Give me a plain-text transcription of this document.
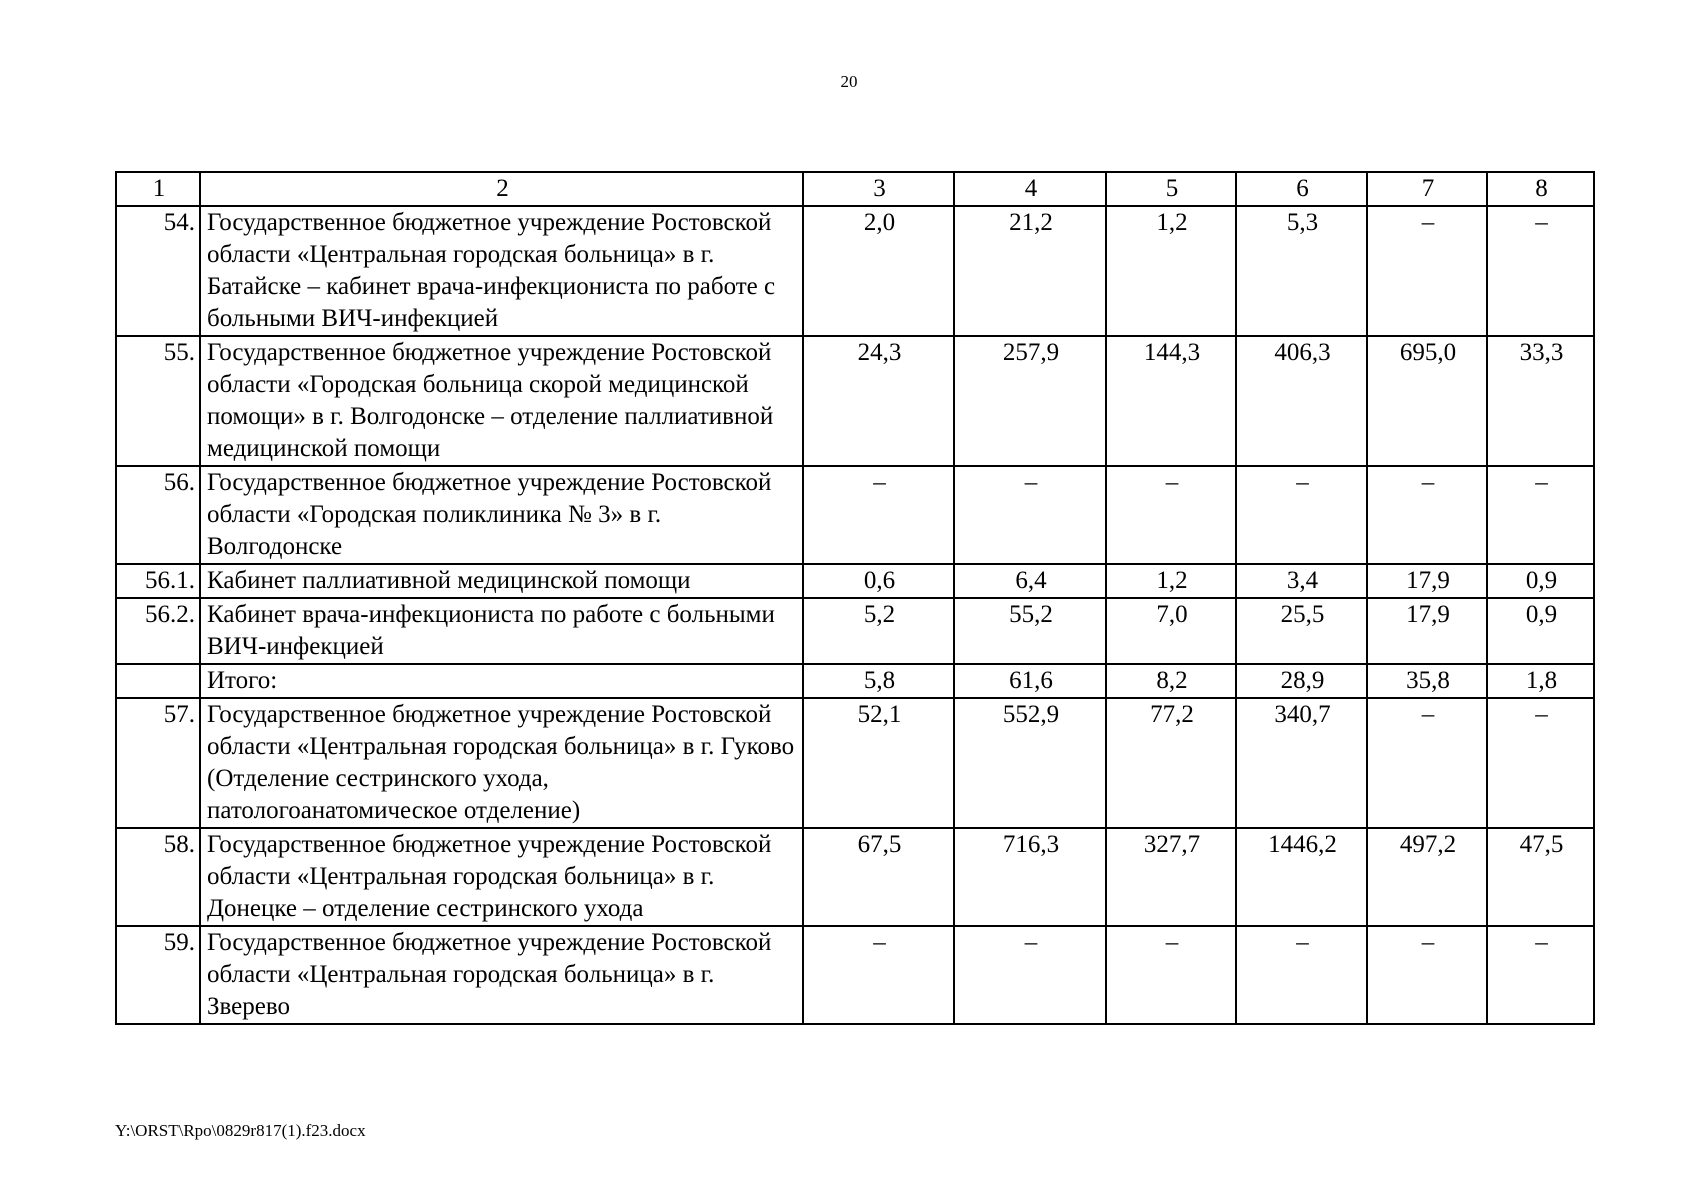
20
1	2	3	4	5	6	7	8
54.	Государственное бюджетное учреждение Ростовской области «Центральная городская больница» в г. Батайске – кабинет врача-инфекциониста по работе с больными ВИЧ-инфекцией	2,0	21,2	1,2	5,3	–	–
55.	Государственное бюджетное учреждение Ростовской области «Городская больница скорой медицинской помощи» в г. Волгодонске – отделение паллиативной медицинской помощи	24,3	257,9	144,3	406,3	695,0	33,3
56.	Государственное бюджетное учреждение Ростовской области «Городская поликлиника № 3» в г. Волгодонске	–	–	–	–	–	–
56.1.	Кабинет паллиативной медицинской помощи	0,6	6,4	1,2	3,4	17,9	0,9
56.2.	Кабинет врача-инфекциониста по работе с больными ВИЧ-инфекцией	5,2	55,2	7,0	25,5	17,9	0,9
	Итого:	5,8	61,6	8,2	28,9	35,8	1,8
57.	Государственное бюджетное учреждение Ростовской области «Центральная городская больница» в г. Гуково (Отделение сестринского ухода, патологоанатомическое отделение)	52,1	552,9	77,2	340,7	–	–
58.	Государственное бюджетное учреждение Ростовской области «Центральная городская больница» в г. Донецке – отделение сестринского ухода	67,5	716,3	327,7	1446,2	497,2	47,5
59.	Государственное бюджетное учреждение Ростовской области «Центральная городская больница» в г. Зверево	–	–	–	–	–	–
Y:\ORST\Rpo\0829r817(1).f23.docx
